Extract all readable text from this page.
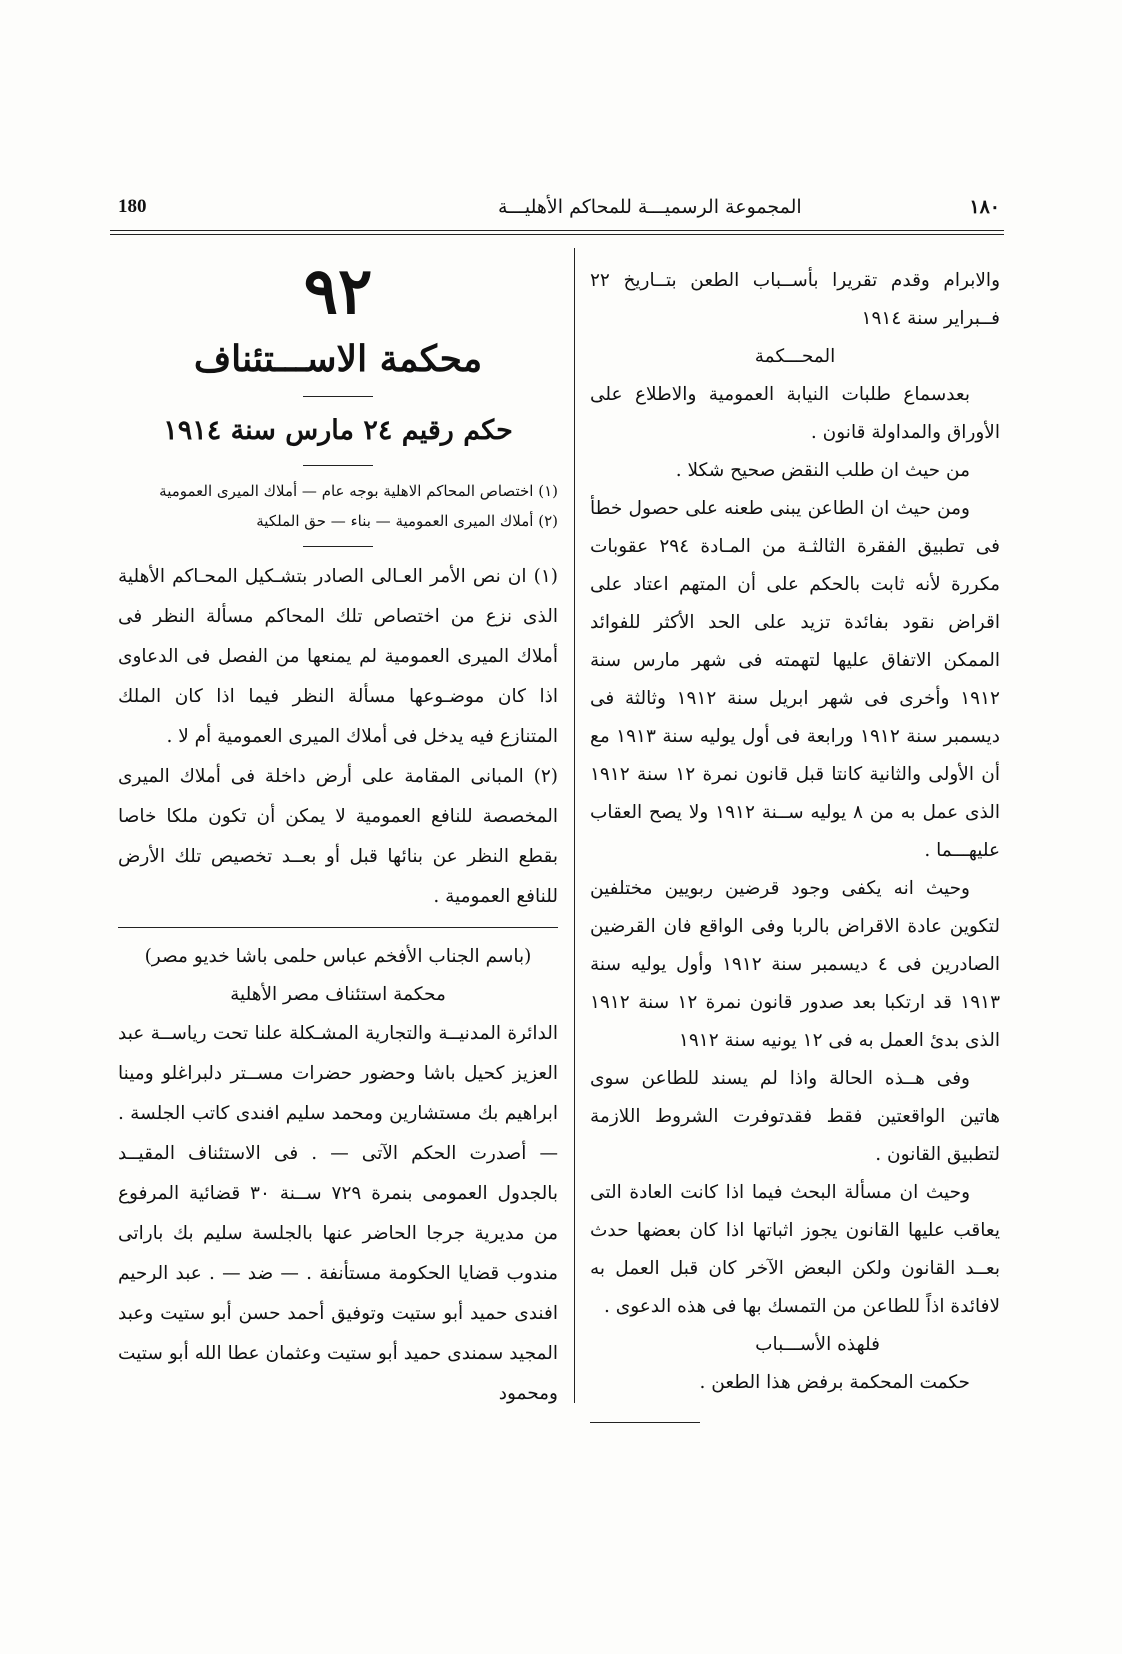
180	المجموعة الرسميـــة للمحاكم الأهليـــة	١٨٠

والابرام وقدم تقريرا بأســباب الطعن بتــاريخ ٢٢ فــبراير سنة ١٩١٤

المحـــكمة

بعدسماع طلبات النيابة العمومية والاطلاع على الأوراق والمداولة قانون .

من حيث ان طلب النقض صحيح شكلا .

ومن حيث ان الطاعن يبنى طعنه على حصول خطأ فى تطبيق الفقرة الثالثـة من المـادة ٢٩٤ عقوبات مكررة لأنه ثابت بالحكم على أن المتهم اعتاد على اقراض نقود بفائدة تزيد على الحد الأكثر للفوائد الممكن الاتفاق عليها لتهمته فى شهر مارس سنة ١٩١٢ وأخرى فى شهر ابريل سنة ١٩١٢ وثالثة فى ديسمبر سنة ١٩١٢ ورابعة فى أول يوليه سنة ١٩١٣ مع أن الأولى والثانية كانتا قبل قانون نمرة ١٢ سنة ١٩١٢ الذى عمل به من ٨ يوليه ســنة ١٩١٢ ولا يصح العقاب عليهـــما .

وحيث انه يكفى وجود قرضين ربويين مختلفين لتكوين عادة الاقراض بالربا وفى الواقع فان القرضين الصادرين فى ٤ ديسمبر سنة ١٩١٢ وأول يوليه سنة ١٩١٣ قد ارتكبا بعد صدور قانون نمرة ١٢ سنة ١٩١٢ الذى بدئ العمل به فى ١٢ يونيه سنة ١٩١٢

وفى هــذه الحالة واذا لم يسند للطاعن سوى هاتين الواقعتين فقط فقدتوفرت الشروط اللازمة لتطبيق القانون .

وحيث ان مسألة البحث فيما اذا كانت العادة التى يعاقب عليها القانون يجوز اثباتها اذا كان بعضها حدث بعــد القانون ولكن البعض الآخر كان قبل العمل به لافائدة اذاً للطاعن من التمسك بها فى هذه الدعوى .

فلهذه الأســـباب

حكمت المحكمة برفض هذا الطعن .

٩٢
محكمة الاســـتئناف
حكم رقيم ٢٤ مارس سنة ١٩١٤

(١) اختصاص المحاكم الاهلية بوجه عام — أملاك الميرى العمومية

(٢) أملاك الميرى العمومية — بناء — حق الملكية

(١) ان نص الأمر العـالى الصادر بتشـكيل المحـاكم الأهلية الذى نزع من اختصاص تلك المحاكم مسألة النظر فى أملاك الميرى العمومية لم يمنعها من الفصل فى الدعاوى اذا كان موضـوعها مسألة النظر فيما اذا كان الملك المتنازع فيه يدخل فى أملاك الميرى العمومية أم لا .

(٢) المبانى المقامة على أرض داخلة فى أملاك الميرى المخصصة للنافع العمومية لا يمكن أن تكون ملكا خاصا بقطع النظر عن بنائها قبل أو بعــد تخصيص تلك الأرض للنافع العمومية .

(باسم الجناب الأفخم عباس حلمى باشا خديو مصر)

محكمة استئناف مصر الأهلية

الدائرة المدنيــة والتجارية المشـكلة علنا تحت رياســة عبد العزيز كحيل باشا وحضور حضرات مســتر دلبراغلو ومينا ابراهيم بك مستشارين ومحمد سليم افندى كاتب الجلسة . — أصدرت الحكم الآتى — . فى الاستئناف المقيــد بالجدول العمومى بنمرة ٧٢٩ ســنة ٣٠ قضائية المرفوع من مديرية جرجا الحاضر عنها بالجلسة سليم بك باراتى مندوب قضايا الحكومة مستأنفة . — ضد — . عبد الرحيم افندى حميد أبو ستيت وتوفيق أحمد حسن أبو ستيت وعبد المجيد سمندى حميد أبو ستيت وعثمان عطا الله أبو ستيت ومحمود
